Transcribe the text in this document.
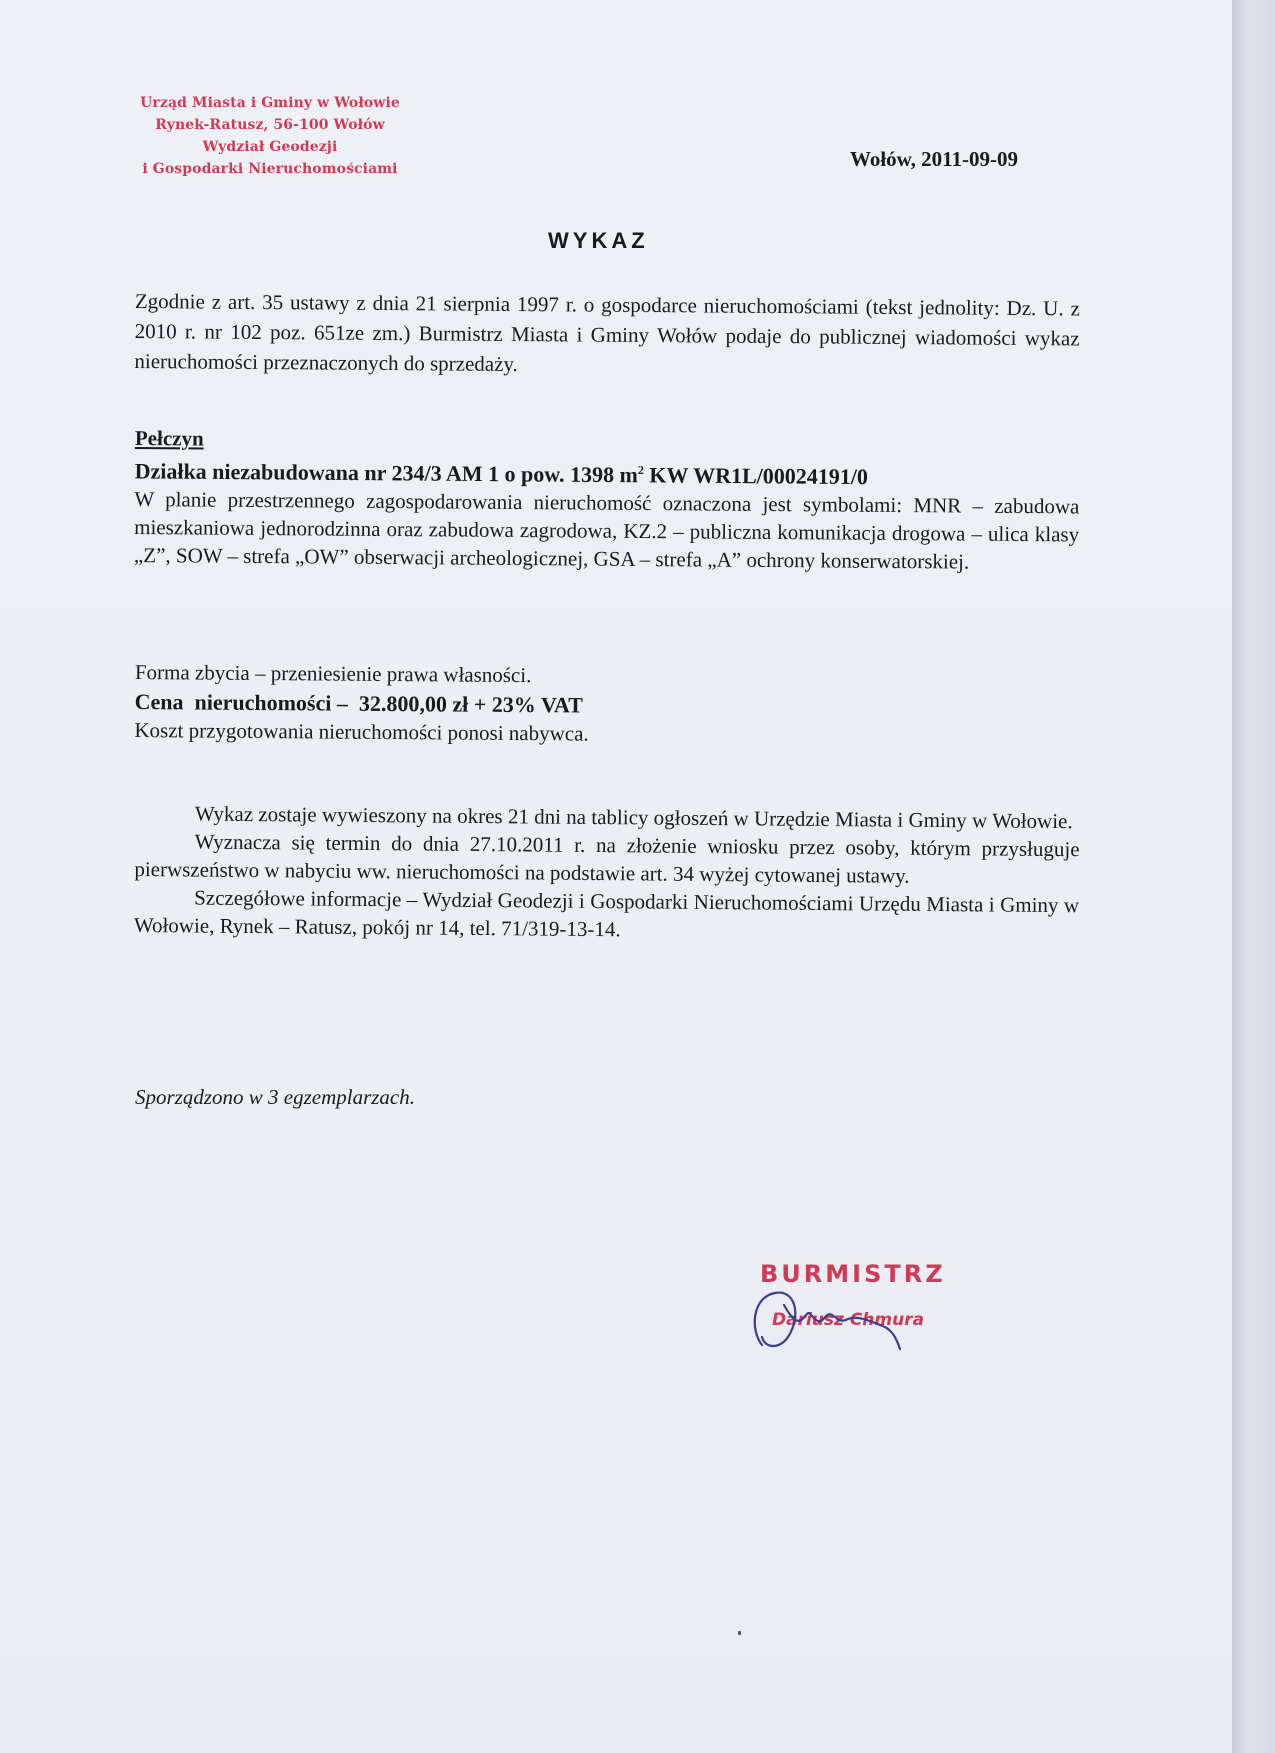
Urząd Miasta i Gminy w Wołowie
Rynek-Ratusz, 56-100 Wołów
Wydział Geodezji
i Gospodarki Nieruchomościami	Wołów, 2011-09-09
WYKAZ
Zgodnie z art. 35 ustawy z dnia 21 sierpnia 1997 r. o gospodarce nieruchomościami (tekst jednolity: Dz. U. z 2010 r. nr 102 poz. 651ze zm.) Burmistrz Miasta i Gminy Wołów podaje do publicznej wiadomości wykaz nieruchomości przeznaczonych do sprzedaży.
Pełczyn
Działka niezabudowana nr 234/3 AM 1 o pow. 1398 $m^2$ KW WR1L/00024191/0
W planie przestrzennego zagospodarowania nieruchomość oznaczona jest symbolami: MNR – zabudowa mieszkaniowa jednorodzinna oraz zabudowa zagrodowa, KZ.2 – publiczna komunikacja drogowa – ulica klasy „Z”, SOW – strefa „OW” obserwacji archeologicznej, GSA – strefa „A” ochrony konserwatorskiej.
Forma zbycia – przeniesienie prawa własności.
Cena  nieruchomości –  32.800,00 zł + 23% VAT
Koszt przygotowania nieruchomości ponosi nabywca.

Wykaz zostaje wywieszony na okres 21 dni na tablicy ogłoszeń w Urzędzie Miasta i Gminy w Wołowie.

Wyznacza się termin do dnia 27.10.2011 r. na złożenie wniosku przez osoby, którym przysługuje pierwszeństwo w nabyciu ww. nieruchomości na podstawie art. 34 wyżej cytowanej ustawy.

Szczegółowe informacje – Wydział Geodezji i Gospodarki Nieruchomościami Urzędu Miasta i Gminy w Wołowie, Rynek – Ratusz, pokój nr 14, tel. 71/319-13-14.

Sporządzono w 3 egzemplarzach.
BURMISTRZ
Dariusz Chmura
